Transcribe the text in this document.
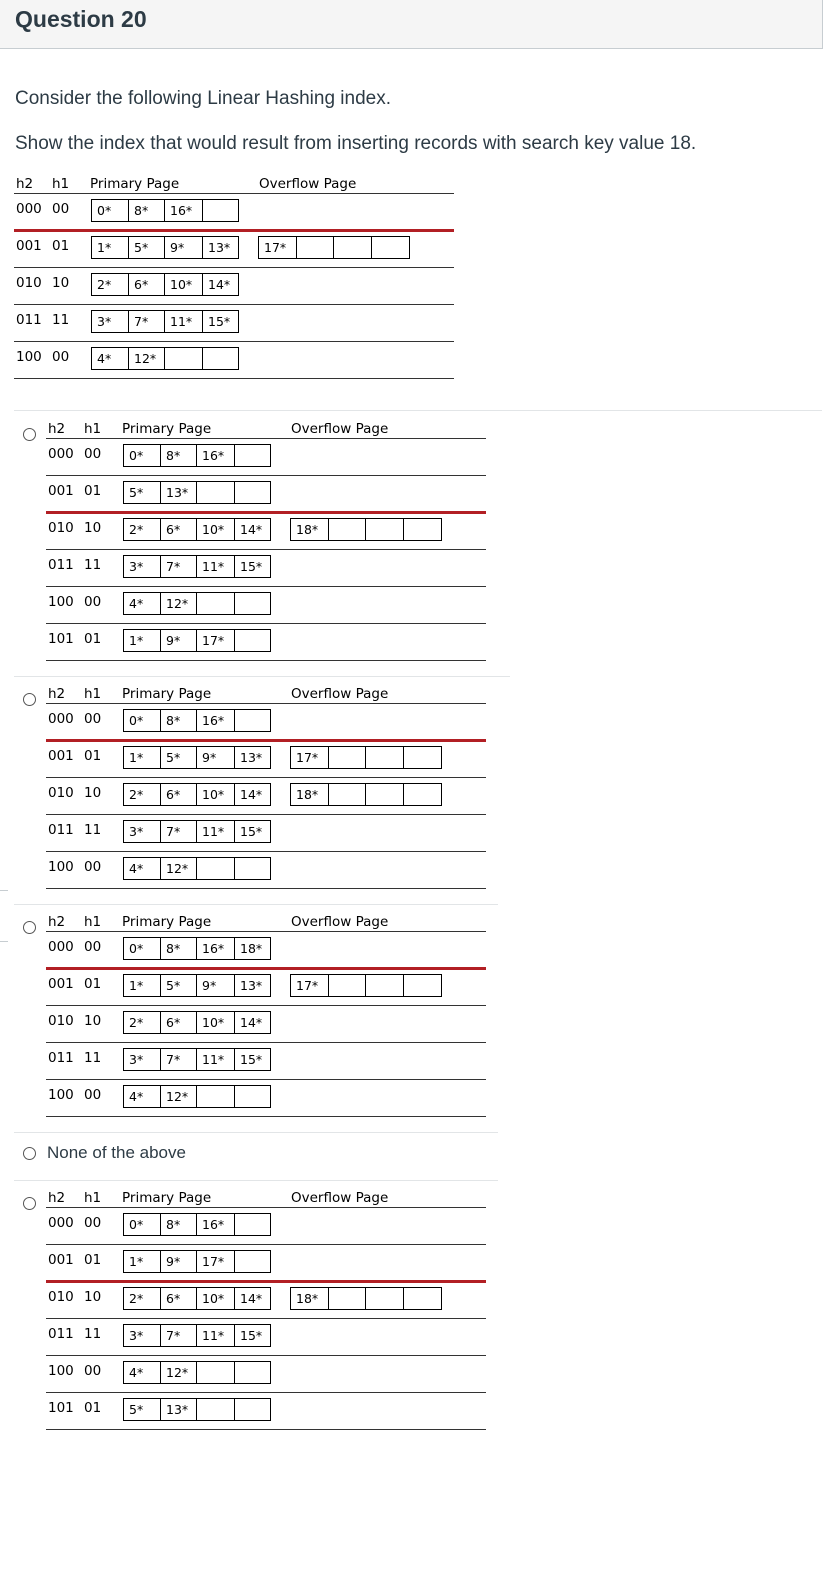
Question 20
Consider the following Linear Hashing index.
Show the index that would result from inserting records with search key value 18.
h2 h1 Primary Page	Overflow Page
000 00	0*	8*	16*
001 01	1*	5*	9*	13*	17*
010 10	2*	6*	10*	14*
011 11	3*	7*	11*	15*
100 00	4*	12*
h2 h1 Primary Page	Overflow Page
000 00	0*	8*	16*
001 01	5*	13*
010 10	2*	6*	10*	14*	18*
011 11	3*	7*	11*	15*
100 00	4*	12*
101 01	1*	9*	17*
h2 h1 Primary Page	Overflow Page
000 00	0*	8*	16*
001 01	1*	5*	9*	13*	17*
010 10	2*	6*	10*	14*	18*
011 11	3*	7*	11*	15*
100 00	4*	12*
h2 h1 Primary Page	Overflow Page
000 00	0*	8*	16*	18*
001 01	1*	5*	9*	13*	17*
010 10	2*	6*	10*	14*
011 11	3*	7*	11*	15*
100 00	4*	12*
None of the above
h2 h1 Primary Page	Overflow Page
000 00	0*	8*	16*
001 01	1*	9*	17*
010 10	2*	6*	10*	14*	18*
011 11	3*	7*	11*	15*
100 00	4*	12*
101 01	5*	13*
